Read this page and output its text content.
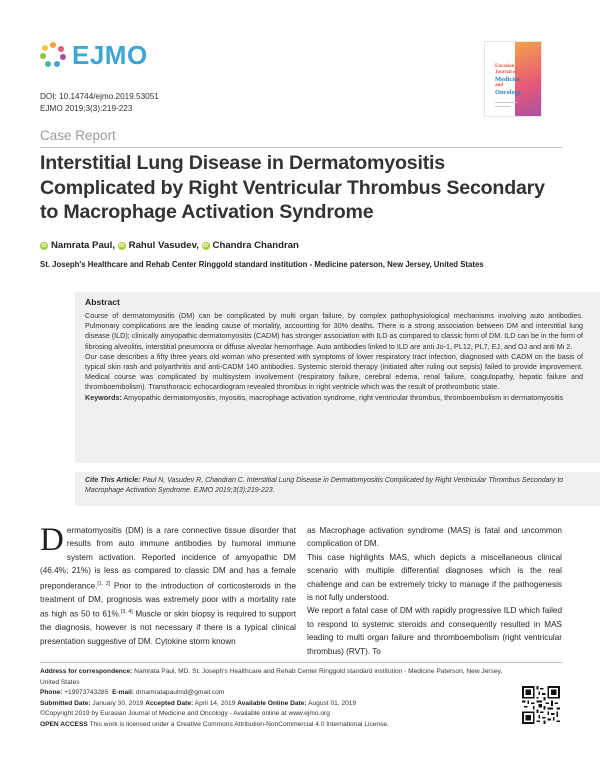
EJMO
DOI: 10.14744/ejmo.2019.53051
EJMO 2019;3(3):219-223
Eurasian
Journal of
Medicine
and
Oncology
Case Report
Interstitial Lung Disease in Dermatomyositis Complicated by Right Ventricular Thrombus Secondary to Macrophage Activation Syndrome
iD Namrata Paul,
iD Rahul Vasudev,
iD Chandra Chandran
St. Joseph's Healthcare and Rehab Center Ringgold standard institution - Medicine paterson, New Jersey, United States
Abstract

Course of dermatomyositis (DM) can be complicated by multi organ failure, by complex pathophysiological mechanisms involving auto antibodies. Pulmonary complications are the leading cause of mortality, accounting for 30% deaths. There is a strong association between DM and interstitial lung disease (ILD); clinically amyopathic dermatomyositis (CADM) has stronger association with ILD as compared to classic form of DM. ILD can be in the form of fibrosing alveolitis, interstitial pneumonia or diffuse alveolar hemorrhage. Auto antibodies linked to ILD are anti Jo-1, PL12, PL7, EJ, and OJ and anti Mi 2.

Our case describes a fifty three years old woman who presented with symptoms of lower respiratory tract infection, diagnosed with CADM on the basis of typical skin rash and polyarthritis and anti-CADM 140 antibodies. Systemic steroid therapy (initiated after ruling out sepsis) failed to provide improvement. Medical course was complicated by multisystem involvement (respiratory failure, cerebral edema, renal failure, coagulopathy, hepatic failure and thromboembolism). Transthoracic echocardiogram revealed thrombus in right ventricle which was the result of prothrombotic state.

Keywords: Amyopathic dermatomyositis, myositis, macrophage activation syndrome, right ventricular thrombus, thromboembolism in dermatomyositis

Cite This Article: Paul N, Vasudev R, Chandran C. Interstitial Lung Disease in Dermatomyositis Complicated by Right Ventricular Thrombus Secondary to Macrophage Activation Syndrome. EJMO 2019;3(3):219-223.

Dermatomyositis (DM) is a rare connective tissue disorder that results from auto immune antibodies by humoral immune system activation. Reported incidence of amyopathic DM (46.4%; 21%) is less as compared to classic DM and has a female preponderance.[1, 2] Prior to the introduction of corticosteroids in the treatment of DM, prognosis was extremely poor with a mortality rate as high as 50 to 61%.[3, 4] Muscle or skin biopsy is required to support the diagnosis, however is not necessary if there is a typical clinical presentation suggestive of DM. Cytokine storm known

as Macrophage activation syndrome (MAS) is fatal and uncommon complication of DM.

This case highlights MAS, which depicts a miscellaneous clinical scenario with multiple differential diagnoses which is the real challenge and can be extremely tricky to manage if the pathogenesis is not fully understood.

We report a fatal case of DM with rapidly progressive ILD which failed to respond to systemic steroids and consequently resulted in MAS leading to multi organ failure and thromboembolism (right ventricular thrombus) (RVT). To

Address for correspondence: Namrata Paul, MD. St. Joseph's Healthcare and Rehab Center Ringgold standard institution - Medicine Paterson, New Jersey, United States
Phone: +19973743285 E-mail: drnamratapaulmd@gmail.com
Submitted Date: January 30, 2019 Accepted Date: April 14, 2019 Available Online Date: August 01, 2019
©Copyright 2019 by Eurasian Journal of Medicine and Oncology - Available online at www.ejmo.org
OPEN ACCESS This work is licensed under a Creative Commons Attribution-NonCommercial 4.0 International License.
